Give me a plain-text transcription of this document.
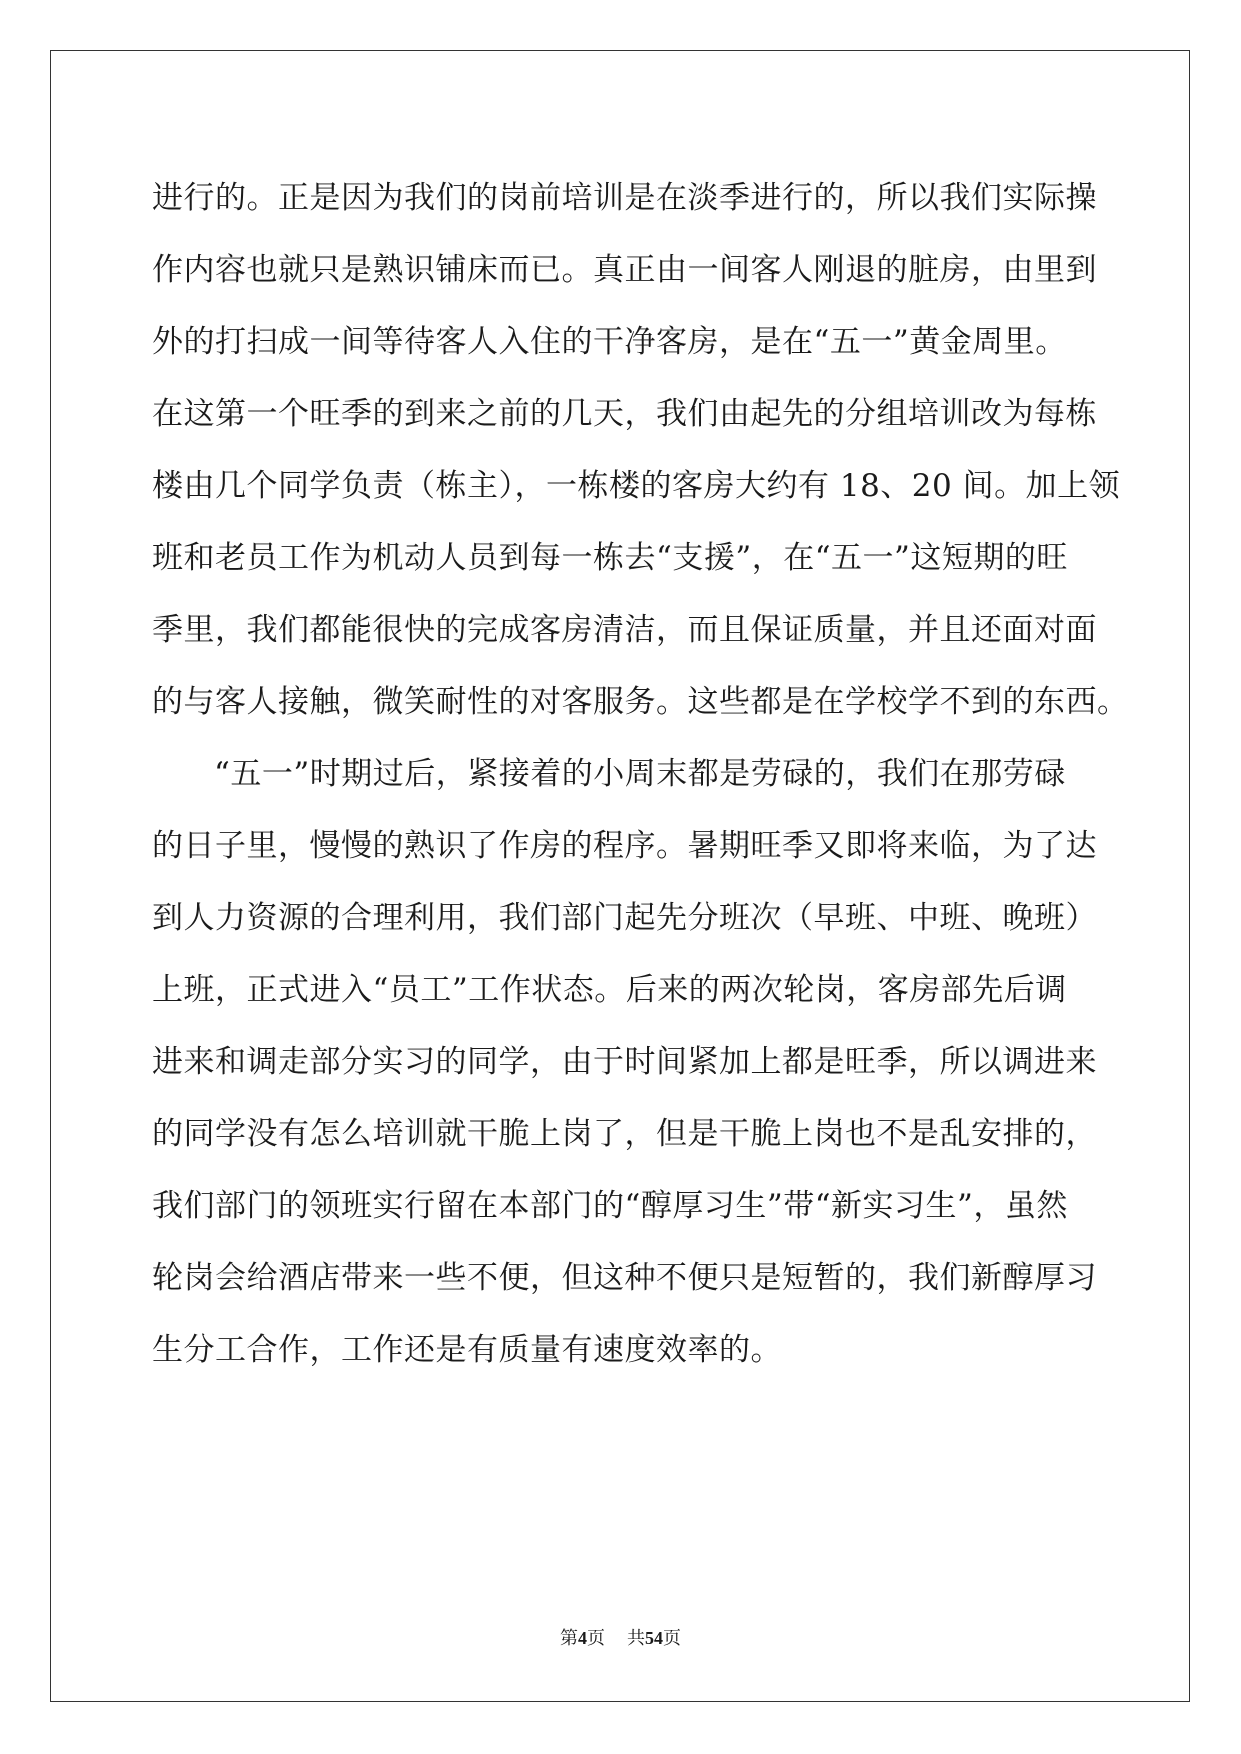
进行的。正是因为我们的岗前培训是在淡季进行的，所以我们实际操
作内容也就只是熟识铺床而已。真正由一间客人刚退的脏房，由里到
外的打扫成一间等待客人入住的干净客房，是在“五一”黄金周里。
在这第一个旺季的到来之前的几天，我们由起先的分组培训改为每栋
楼由几个同学负责（栋主），一栋楼的客房大约有 18、20 间。加上领
班和老员工作为机动人员到每一栋去“支援”，在“五一”这短期的旺
季里，我们都能很快的完成客房清洁，而且保证质量，并且还面对面
的与客人接触，微笑耐性的对客服务。这些都是在学校学不到的东西。
“五一”时期过后，紧接着的小周末都是劳碌的，我们在那劳碌
的日子里，慢慢的熟识了作房的程序。暑期旺季又即将来临，为了达
到人力资源的合理利用，我们部门起先分班次（早班、中班、晚班）
上班，正式进入“员工”工作状态。后来的两次轮岗，客房部先后调
进来和调走部分实习的同学，由于时间紧加上都是旺季，所以调进来
的同学没有怎么培训就干脆上岗了，但是干脆上岗也不是乱安排的，
我们部门的领班实行留在本部门的“醇厚习生”带“新实习生”，虽然
轮岗会给酒店带来一些不便，但这种不便只是短暂的，我们新醇厚习
生分工合作，工作还是有质量有速度效率的。
第4页 共54页
